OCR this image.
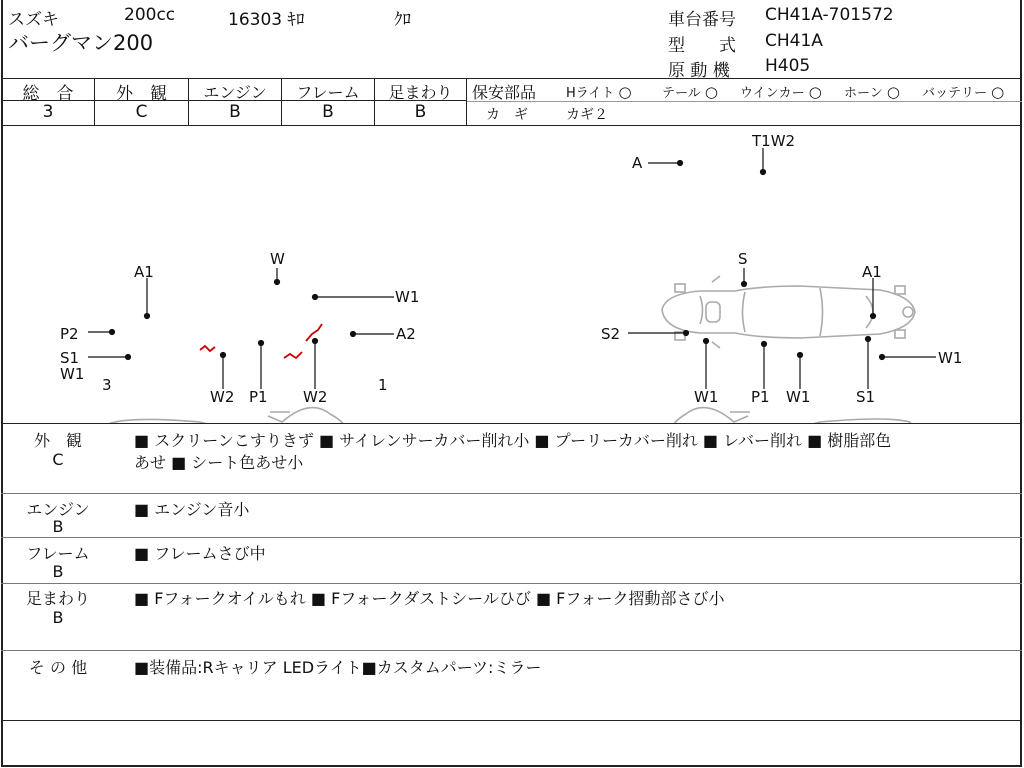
スズキ	200cc	16303 ｷﾛ	ｸﾛ
バーグマン200
車台番号 CH41A-701572
型　　式 CH41A
原 動 機 H405
総　合	外　観	エンジン	フレーム	足まわり
3	C	B	B	B
保安部品 Hライト ○ テール ○ ウインカー ○ ホーン ○ バッテリー ○
カ　ギ	カギ２
A
T1W2
W
A1
W1
P2	A2
S1
W1
3	1
W2 P1 W2
S
A1
S2
W1	W1
P1
W1
S1
外　観
C
■ スクリーンこすりきず ■ サイレンサーカバー削れ小 ■ プーリーカバー削れ ■ レバー削れ ■ 樹脂部色
あせ ■ シート色あせ小
エンジン
B
■ エンジン音小
フレーム
B
■ フレームさび中
足まわり
B
■ Fフォークオイルもれ ■ Fフォークダストシールひび ■ Fフォーク摺動部さび小
そ の 他	■装備品:Rキャリア LEDライト■カスタムパーツ:ミラー
